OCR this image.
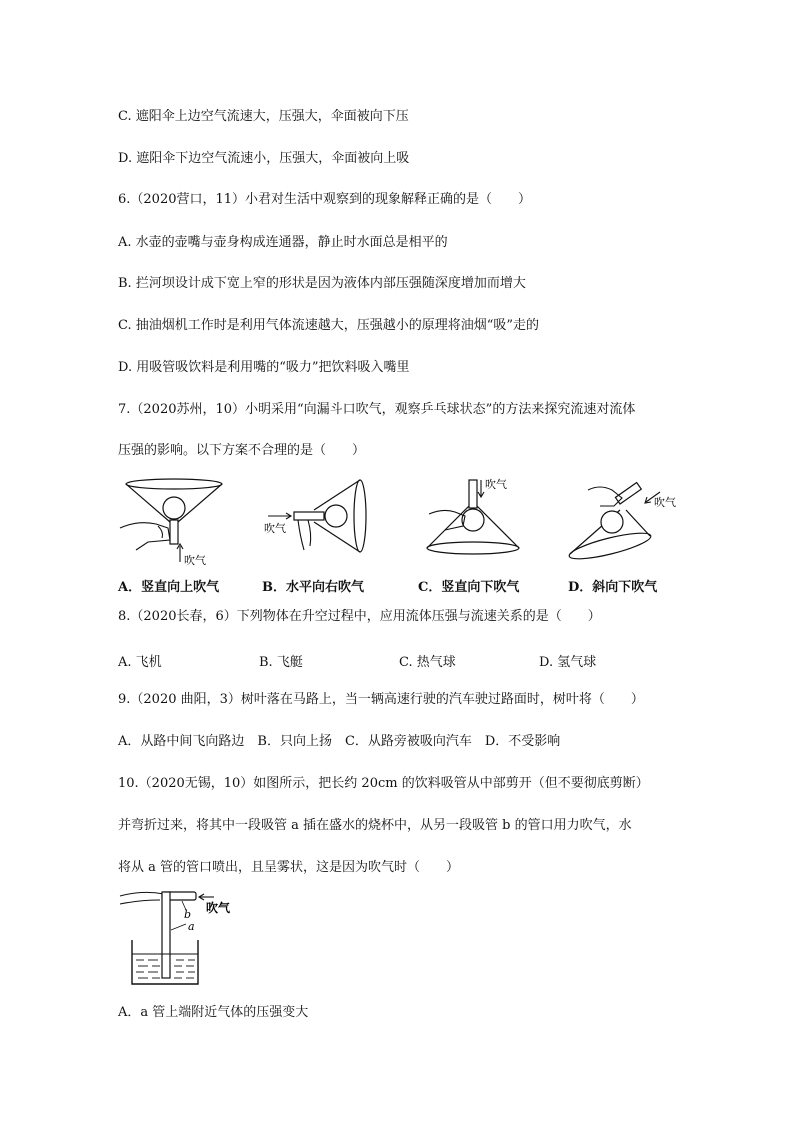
C. 遮阳伞上边空气流速大，压强大，伞面被向下压
D. 遮阳伞下边空气流速小，压强大，伞面被向上吸
6.（2020营口，11）小君对生活中观察到的现象解释正确的是（　　）
A. 水壶的壶嘴与壶身构成连通器，静止时水面总是相平的
B. 拦河坝设计成下宽上窄的形状是因为液体内部压强随深度增加而增大
C. 抽油烟机工作时是利用气体流速越大，压强越小的原理将油烟“吸”走的
D. 用吸管吸饮料是利用嘴的“吸力”把饮料吸入嘴里
7.（2020苏州，10）小明采用“向漏斗口吹气，观察乒乓球状态”的方法来探究流速对流体
压强的影响。以下方案不合理的是（　　）
吹气
A．竖直向上吹气
吹气
B．水平向右吹气
吹气
C．竖直向下吹气
吹气
D．斜向下吹气
8.（2020长春，6）下列物体在升空过程中，应用流体压强与流速关系的是（　　）
A. 飞机	B. 飞艇	C. 热气球	D. 氢气球
9.（2020 曲阳，3）树叶落在马路上，当一辆高速行驶的汽车驶过路面时，树叶将（　　）
A．从路中间飞向路边　B．只向上扬　C．从路旁被吸向汽车　D．不受影响
10.（2020无锡，10）如图所示，把长约 20cm 的饮料吸管从中部剪开（但不要彻底剪断）
并弯折过来，将其中一段吸管 a 插在盛水的烧杯中，从另一段吸管 b 的管口用力吹气，水
将从 a 管的管口喷出，且呈雾状，这是因为吹气时（　　）
吹气
b
a
A．a 管上端附近气体的压强变大
